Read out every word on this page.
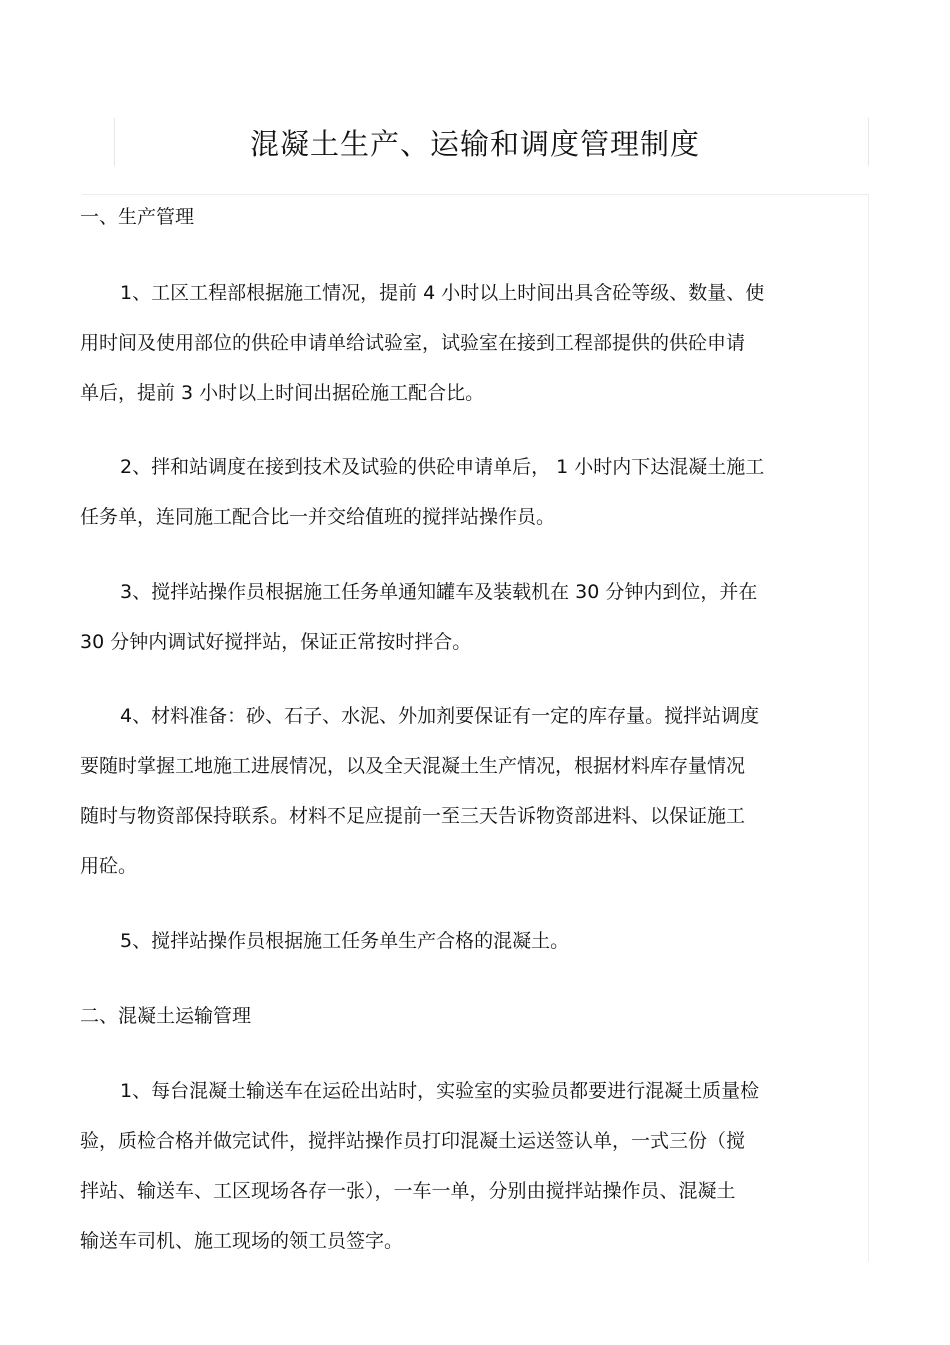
混凝土生产、运输和调度管理制度
一、生产管理
1、工区工程部根据施工情况，提前 4 小时以上时间出具含砼等级、数量、使
用时间及使用部位的供砼申请单给试验室，试验室在接到工程部提供的供砼申请
单后，提前 3 小时以上时间出据砼施工配合比。
2、拌和站调度在接到技术及试验的供砼申请单后， 1 小时内下达混凝土施工
任务单，连同施工配合比一并交给值班的搅拌站操作员。
3、搅拌站操作员根据施工任务单通知罐车及装载机在 30 分钟内到位，并在
30 分钟内调试好搅拌站，保证正常按时拌合。
4、材料准备：砂、石子、水泥、外加剂要保证有一定的库存量。搅拌站调度
要随时掌握工地施工进展情况，以及全天混凝土生产情况，根据材料库存量情况
随时与物资部保持联系。材料不足应提前一至三天告诉物资部进料、以保证施工
用砼。
5、搅拌站操作员根据施工任务单生产合格的混凝土。
二、混凝土运输管理
1、每台混凝土输送车在运砼出站时，实验室的实验员都要进行混凝土质量检
验，质检合格并做完试件，搅拌站操作员打印混凝土运送签认单，一式三份（搅
拌站、输送车、工区现场各存一张），一车一单，分别由搅拌站操作员、混凝土
输送车司机、施工现场的领工员签字。
